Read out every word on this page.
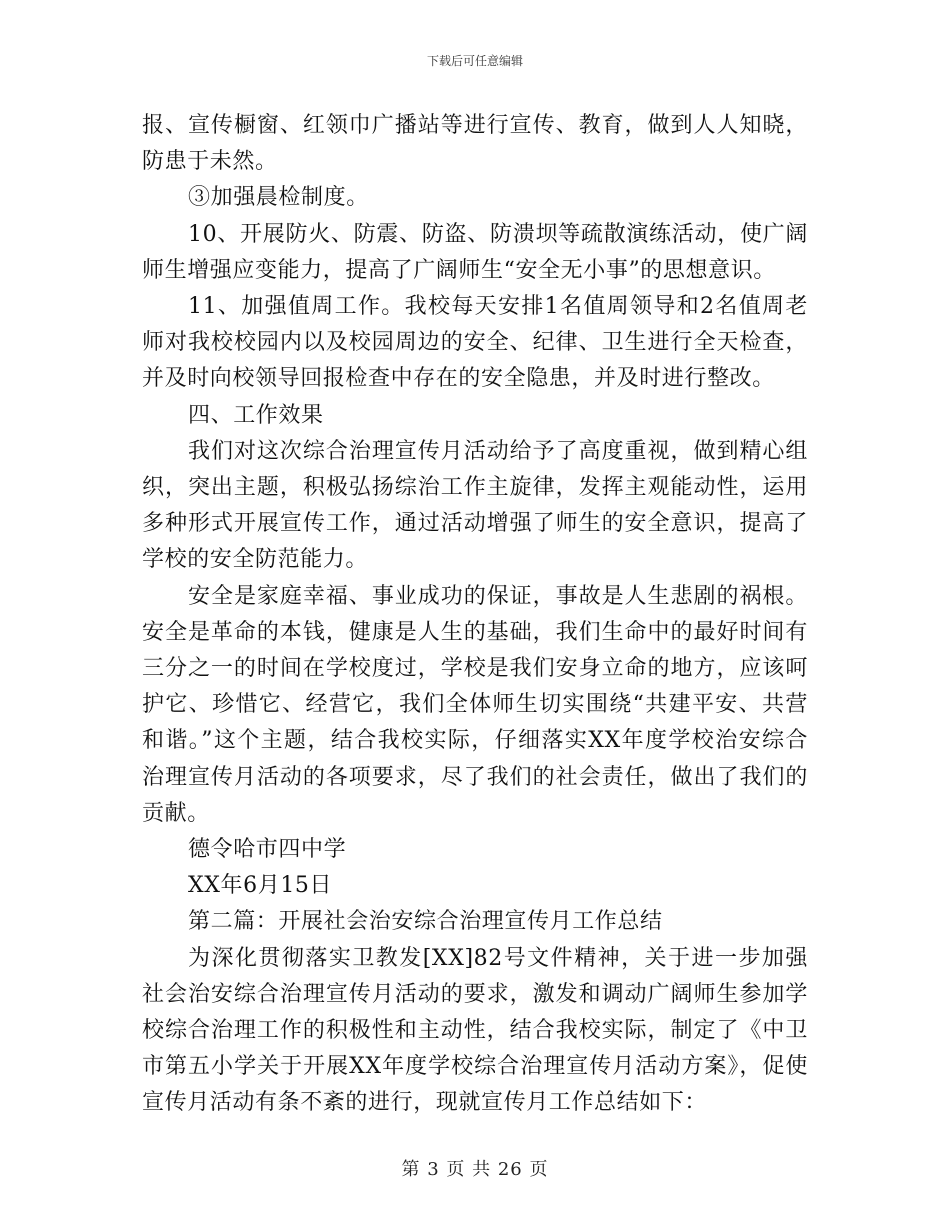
下载后可任意编辑

报、宣传橱窗、红领巾广播站等进行宣传、教育，做到人人知晓，防患于未然。

③加强晨检制度。

10、开展防火、防震、防盗、防溃坝等疏散演练活动，使广阔师生增强应变能力，提高了广阔师生“安全无小事”的思想意识。

11、加强值周工作。我校每天安排1名值周领导和2名值周老师对我校校园内以及校园周边的安全、纪律、卫生进行全天检查，并及时向校领导回报检查中存在的安全隐患，并及时进行整改。

四、工作效果

我们对这次综合治理宣传月活动给予了高度重视，做到精心组织，突出主题，积极弘扬综治工作主旋律，发挥主观能动性，运用多种形式开展宣传工作，通过活动增强了师生的安全意识，提高了学校的安全防范能力。

安全是家庭幸福、事业成功的保证，事故是人生悲剧的祸根。安全是革命的本钱，健康是人生的基础，我们生命中的最好时间有三分之一的时间在学校度过，学校是我们安身立命的地方，应该呵护它、珍惜它、经营它，我们全体师生切实围绕“共建平安、共营和谐。”这个主题，结合我校实际，仔细落实XX年度学校治安综合治理宣传月活动的各项要求，尽了我们的社会责任，做出了我们的贡献。

德令哈市四中学

XX年6月15日

第二篇：开展社会治安综合治理宣传月工作总结

为深化贯彻落实卫教发[XX]82号文件精神，关于进一步加强社会治安综合治理宣传月活动的要求，激发和调动广阔师生参加学校综合治理工作的积极性和主动性，结合我校实际，制定了《中卫市第五小学关于开展XX年度学校综合治理宣传月活动方案》，促使宣传月活动有条不紊的进行，现就宣传月工作总结如下：

第 3 页 共 26 页
